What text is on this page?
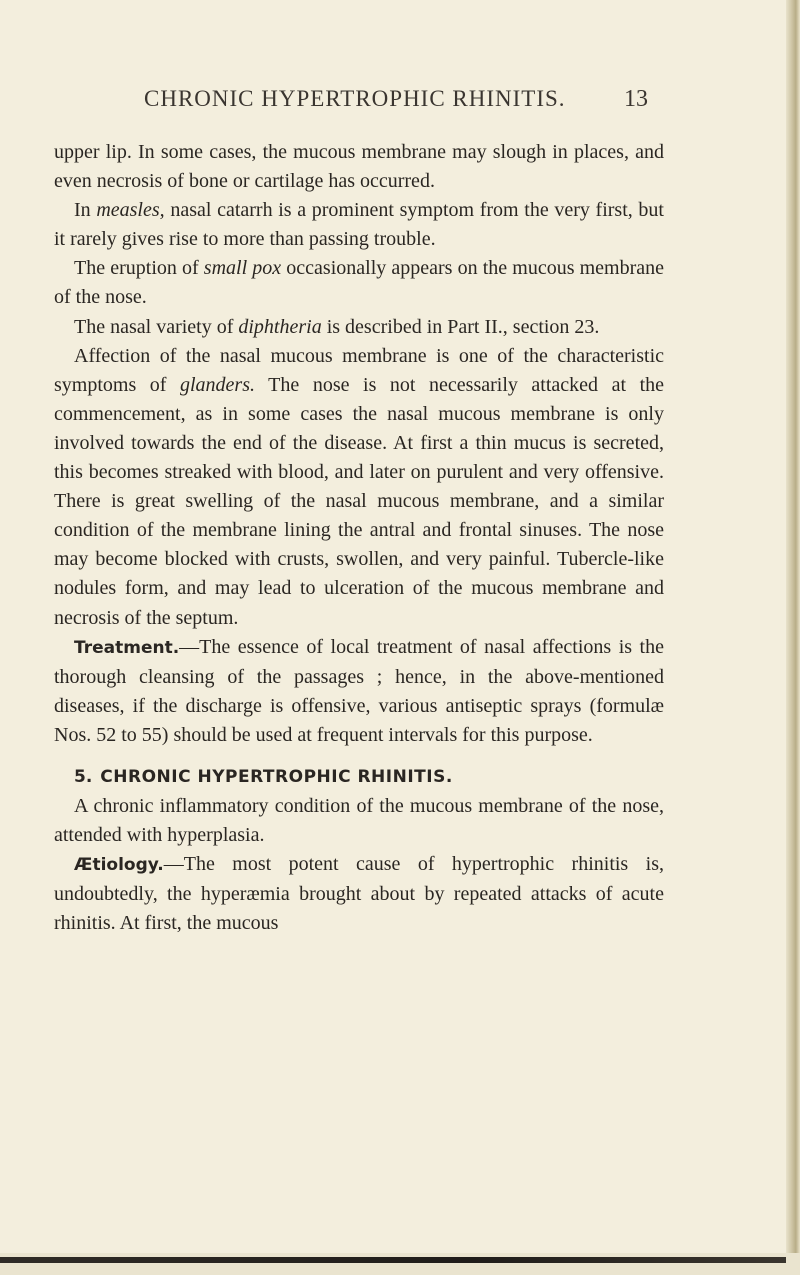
CHRONIC HYPERTROPHIC RHINITIS. 13

upper lip. In some cases, the mucous membrane may slough in places, and even necrosis of bone or cartilage has occurred.

In measles, nasal catarrh is a prominent symptom from the very first, but it rarely gives rise to more than passing trouble.

The eruption of small pox occasionally appears on the mucous membrane of the nose.

The nasal variety of diphtheria is described in Part II., section 23.

Affection of the nasal mucous membrane is one of the characteristic symptoms of glanders. The nose is not necessarily attacked at the commencement, as in some cases the nasal mucous membrane is only involved towards the end of the disease. At first a thin mucus is secreted, this becomes streaked with blood, and later on purulent and very offensive. There is great swelling of the nasal mucous membrane, and a similar condition of the membrane lining the antral and frontal sinuses. The nose may become blocked with crusts, swollen, and very painful. Tubercle-like nodules form, and may lead to ulceration of the mucous membrane and necrosis of the septum.

Treatment.—The essence of local treatment of nasal affections is the thorough cleansing of the passages ; hence, in the above-mentioned diseases, if the discharge is offensive, various antiseptic sprays (formulæ Nos. 52 to 55) should be used at frequent intervals for this purpose.

5. CHRONIC HYPERTROPHIC RHINITIS.

A chronic inflammatory condition of the mucous membrane of the nose, attended with hyperplasia.

Ætiology.—The most potent cause of hypertrophic rhinitis is, undoubtedly, the hyperæmia brought about by repeated attacks of acute rhinitis. At first, the mucous
